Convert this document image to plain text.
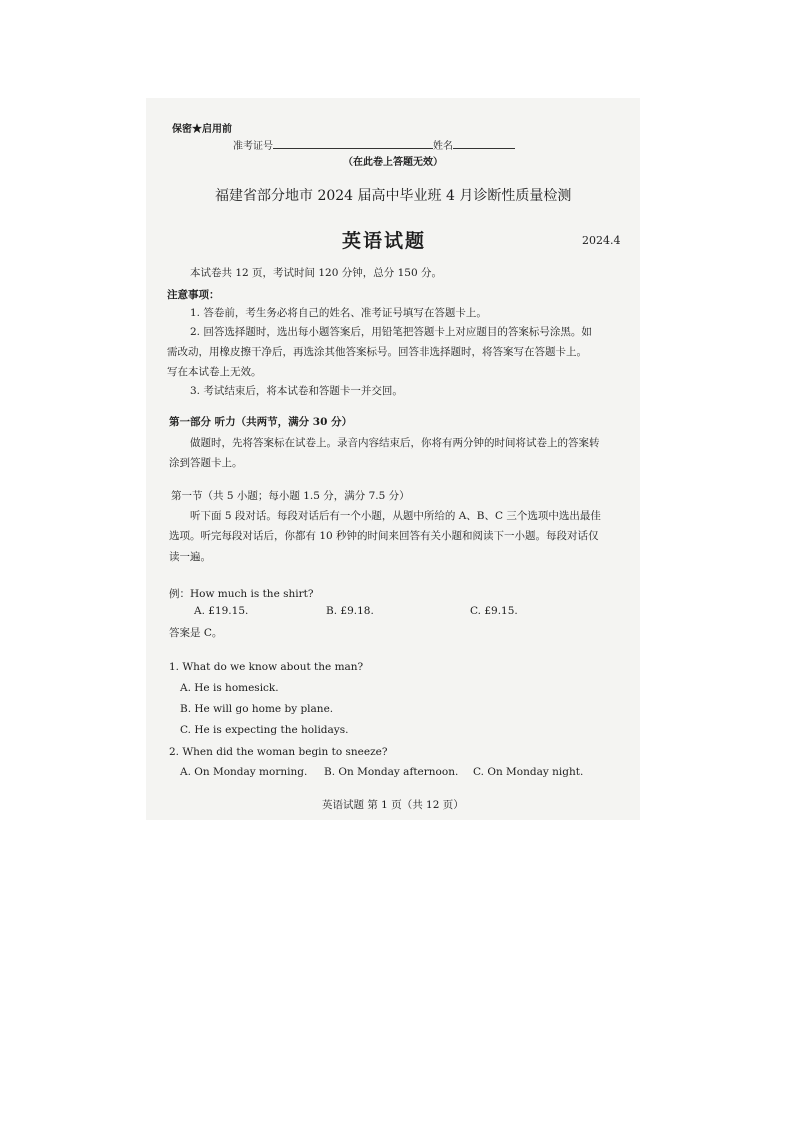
保密★启用前
准考证号	姓名
（在此卷上答题无效）
福建省部分地市 2024 届高中毕业班 4 月诊断性质量检测
英语试题	2024.4
本试卷共 12 页，考试时间 120 分钟，总分 150 分。
注意事项：
1. 答卷前，考生务必将自己的姓名、准考证号填写在答题卡上。
2. 回答选择题时，选出每小题答案后，用铅笔把答题卡上对应题目的答案标号涂黑。如
需改动，用橡皮擦干净后，再选涂其他答案标号。回答非选择题时，将答案写在答题卡上。
写在本试卷上无效。
3. 考试结束后，将本试卷和答题卡一并交回。
第一部分 听力（共两节，满分 30 分）
做题时，先将答案标在试卷上。录音内容结束后，你将有两分钟的时间将试卷上的答案转
涂到答题卡上。
第一节（共 5 小题；每小题 1.5 分，满分 7.5 分）
听下面 5 段对话。每段对话后有一个小题，从题中所给的 A、B、C 三个选项中选出最佳
选项。听完每段对话后，你都有 10 秒钟的时间来回答有关小题和阅读下一小题。每段对话仅
读一遍。
例：How much is the shirt?
A. £19.15.	B. £9.18.	C. £9.15.
答案是 C。
1. What do we know about the man?
A. He is homesick.
B. He will go home by plane.
C. He is expecting the holidays.
2. When did the woman begin to sneeze?
A. On Monday morning. B. On Monday afternoon. C. On Monday night.
英语试题 第 1 页（共 12 页）
